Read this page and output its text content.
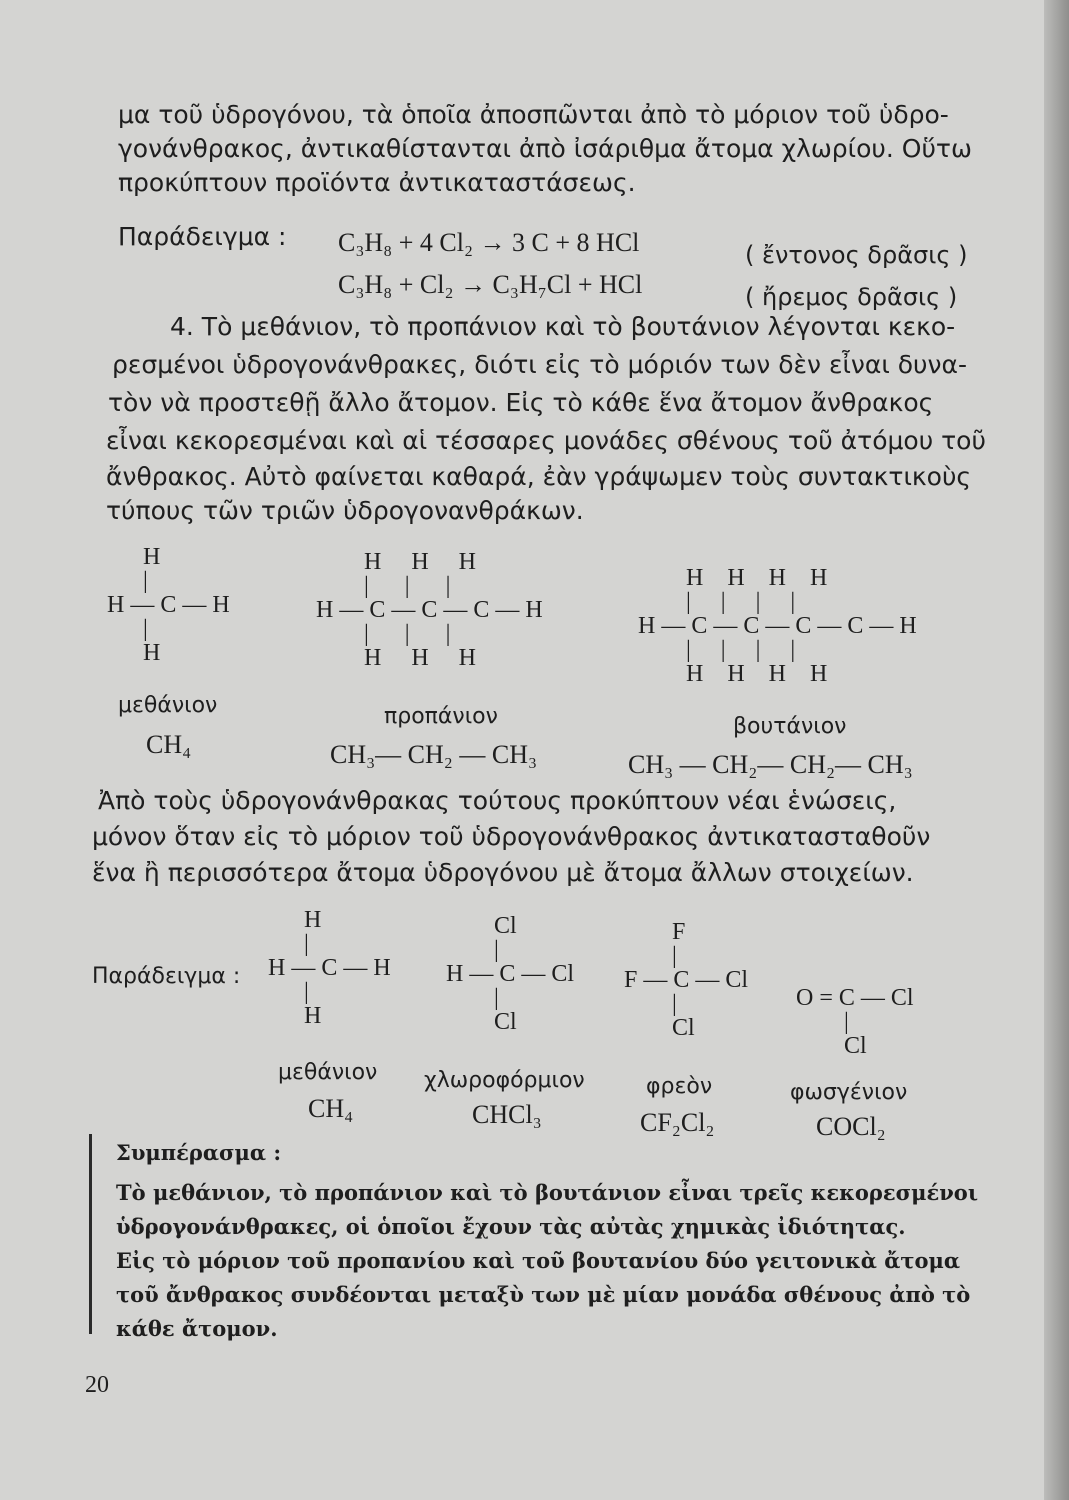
μα τοῦ ὑδρογόνου, τὰ ὁποῖα ἀποσπῶνται ἀπὸ τὸ μόριον τοῦ ὑδρο-
γονάνθρακος, ἀντικαθίστανται ἀπὸ ἰσάριθμα ἄτομα χλωρίου. Οὕτω
προκύπτουν προϊόντα ἀντικαταστάσεως.
Παράδειγμα : C₃H₈ + 4 Cl₂ → 3 C + 8 HCl	( ἔντονος δρᾶσις )
C₃H₈ + Cl₂ → C₃H₇Cl + HCl	( ἤρεμος δρᾶσις )
4. Τὸ μεθάνιον, τὸ προπάνιον καὶ τὸ βουτάνιον λέγονται κεκο-
ρεσμένοι ὑδρογονάνθρακες, διότι εἰς τὸ μόριόν των δὲν εἶναι δυνα-
τὸν νὰ προστεθῇ ἄλλο ἄτομον. Εἰς τὸ κάθε ἕνα ἄτομον ἄνθρακος
εἶναι κεκορεσμέναι καὶ αἱ τέσσαρες μονάδες σθένους τοῦ ἀτόμου τοῦ
ἄνθρακος. Αὐτὸ φαίνεται καθαρά, ἐὰν γράψωμεν τοὺς συντακτικοὺς
τύπους τῶν τριῶν ὑδρογονανθράκων.
H
|
H — C — H
|
H
H     H     H
|      |      |
H — C — C — C — H
|      |      |
H     H     H
H    H    H    H
|     |     |     |
H — C — C — C — C — H
|     |     |     |
H    H    H    H
μεθάνιον
CH₄
προπάνιον
CH₃— CH₂ — CH₃
βουτάνιον
CH₃ — CH₂— CH₂— CH₃
Ἀπὸ τοὺς ὑδρογονάνθρακας τούτους προκύπτουν νέαι ἑνώσεις,
μόνον ὅταν εἰς τὸ μόριον τοῦ ὑδρογονάνθρακος ἀντικατασταθοῦν
ἕνα ἢ περισσότερα ἄτομα ὑδρογόνου μὲ ἄτομα ἄλλων στοιχείων.
Παράδειγμα :
H
|
H — C — H
|
H
Cl
|
H — C — Cl
|
Cl
F
|
F — C — Cl
|
Cl
O = C — Cl
|
Cl
μεθάνιον
CH₄
χλωροφόρμιον
CHCl₃
φρεὸν
CF₂Cl₂
φωσγένιον
COCl₂
Συμπέρασμα :
Τὸ μεθάνιον, τὸ προπάνιον καὶ τὸ βουτάνιον εἶναι τρεῖς κεκορεσμένοι
ὑδρογονάνθρακες, οἱ ὁποῖοι ἔχουν τὰς αὐτὰς χημικὰς ἰδιότητας.
Εἰς τὸ μόριον τοῦ προπανίου καὶ τοῦ βουτανίου δύο γειτονικὰ ἄτομα
τοῦ ἄνθρακος συνδέονται μεταξὺ των μὲ μίαν μονάδα σθένους ἀπὸ τὸ
κάθε ἄτομον.
20
